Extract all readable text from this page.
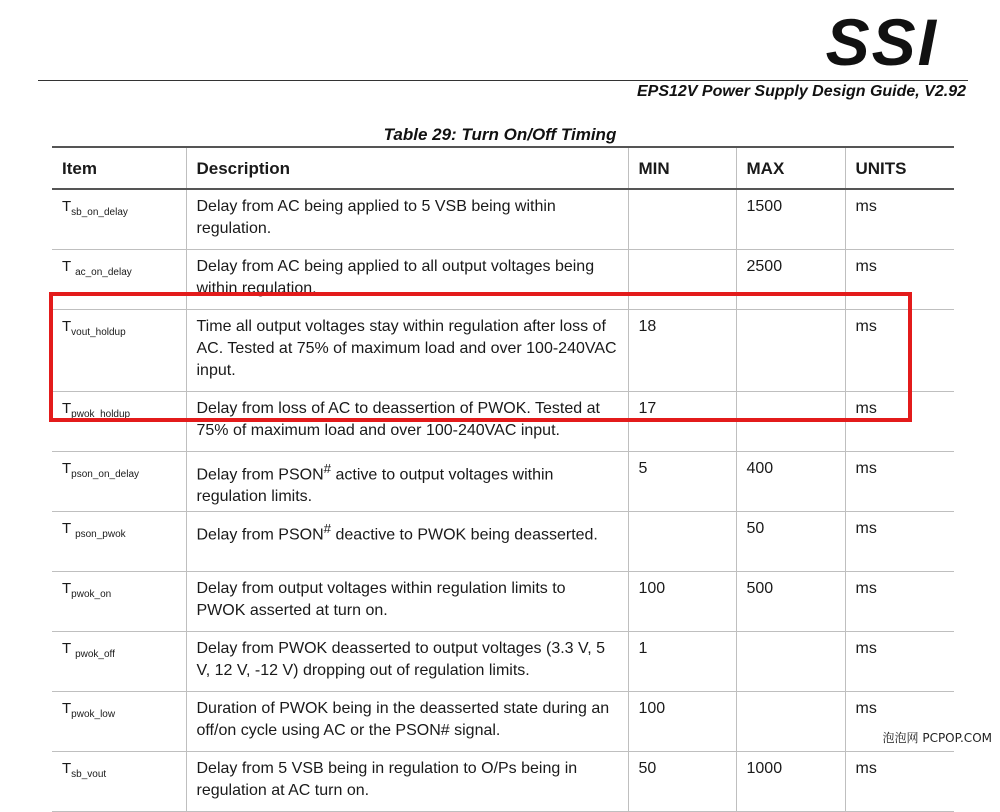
SSI
EPS12V Power Supply Design Guide, V2.92
Table 29: Turn On/Off Timing
Item	Description	MIN	MAX	UNITS
$T_{sb\_on\_delay}$	Delay from AC being applied to 5 VSB being within regulation.		1500	ms
T $_{ac\_on\_delay}$	Delay from AC being applied to all output voltages being within regulation.		2500	ms
$T_{vout\_holdup}$	Time all output voltages stay within regulation after loss of AC. Tested at 75% of maximum load and over 100-240VAC input.	18		ms
$T_{pwok\_holdup}$	Delay from loss of AC to deassertion of PWOK. Tested at 75% of maximum load and over 100-240VAC input.	17		ms
$T_{pson\_on\_delay}$	Delay from PSON# active to output voltages within regulation limits.	5	400	ms
T $_{pson\_pwok}$	Delay from PSON# deactive to PWOK being deasserted.		50	ms
$T_{pwok\_on}$	Delay from output voltages within regulation limits to PWOK asserted at turn on.	100	500	ms
T $_{pwok\_off}$	Delay from PWOK deasserted to output voltages (3.3 V, 5 V, 12 V, -12 V) dropping out of regulation limits.	1		ms
$T_{pwok\_low}$	Duration of PWOK being in the deasserted state during an off/on cycle using AC or the PSON# signal.	100		ms
$T_{sb\_vout}$	Delay from 5 VSB being in regulation to O/Ps being in regulation at AC turn on.	50	1000	ms
泡泡网 PCPOP.COM
